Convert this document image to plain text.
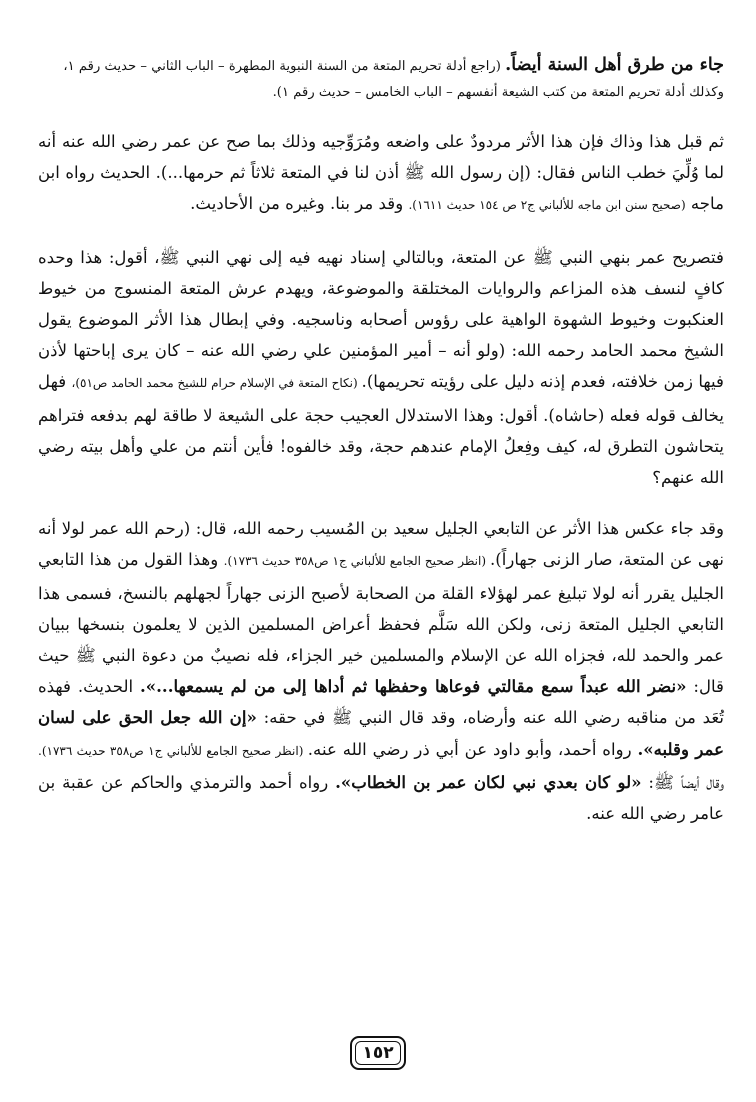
جاء من طرق أهل السنة أيضاً. (راجع أدلة تحريم المتعة من السنة النبوية المطهرة – الباب الثاني – حديث رقم ١،
وكذلك أدلة تحريم المتعة من كتب الشيعة أنفسهم – الباب الخامس – حديث رقم ١).

ثم قبل هذا وذاك فإن هذا الأثر مردودٌ على واضعه ومُرَوِّجيه وذلك بما صح عن عمر رضي الله عنه أنه لما وُلِّيَ خطب الناس فقال: (إن رسول الله ﷺ أذن لنا في المتعة ثلاثاً ثم حرمها...). الحديث رواه ابن ماجه (صحيح سنن ابن ماجه للألباني ج٢ ص ١٥٤ حديث ١٦١١). وقد مر بنا. وغيره من الأحاديث.

فتصريح عمر بنهي النبي ﷺ عن المتعة، وبالتالي إسناد نهيه فيه إلى نهي النبي ﷺ، أقول: هذا وحده كافٍ لنسف هذه المزاعم والروايات المختلقة والموضوعة، ويهدم عرش المتعة المنسوج من خيوط العنكبوت وخيوط الشهوة الواهية على رؤوس أصحابه وناسجيه. وفي إبطال هذا الأثر الموضوع يقول الشيخ محمد الحامد رحمه الله: (ولو أنه – أمير المؤمنين علي رضي الله عنه – كان يرى إباحتها لأذن فيها زمن خلافته، فعدم إذنه دليل على رؤيته تحريمها). (نكاح المتعة في الإسلام حرام للشيخ محمد الحامد ص٥١)، فهل يخالف قوله فعله (حاشاه). أقول: وهذا الاستدلال العجيب حجة على الشيعة لا طاقة لهم بدفعه فتراهم يتحاشون التطرق له، كيف وفِعلُ الإمام عندهم حجة، وقد خالفوه! فأين أنتم من علي وأهل بيته رضي الله عنهم؟

وقد جاء عكس هذا الأثر عن التابعي الجليل سعيد بن المُسيب رحمه الله، قال: (رحم الله عمر لولا أنه نهى عن المتعة، صار الزنى جهاراً). (انظر صحيح الجامع للألباني ج١ ص٣٥٨ حديث ١٧٣٦). وهذا القول من هذا التابعي الجليل يقرر أنه لولا تبليغ عمر لهؤلاء القلة من الصحابة لأصبح الزنى جهاراً لجهلهم بالنسخ، فسمى هذا التابعي الجليل المتعة زنى، ولكن الله سَلَّم فحفظ أعراض المسلمين الذين لا يعلمون بنسخها ببيان عمر والحمد لله، فجزاه الله عن الإسلام والمسلمين خير الجزاء، فله نصيبٌ من دعوة النبي ﷺ حيث قال: «نضر الله عبداً سمع مقالتي فوعاها وحفظها ثم أداها إلى من لم يسمعها...». الحديث. فهذه تُعَد من مناقبه رضي الله عنه وأرضاه، وقد قال النبي ﷺ في حقه: «إن الله جعل الحق على لسان عمر وقلبه». رواه أحمد، وأبو داود عن أبي ذر رضي الله عنه. (انظر صحيح الجامع للألباني ج١ ص٣٥٨ حديث ١٧٣٦). وقال أيضاً ﷺ: «لو كان بعدي نبي لكان عمر بن الخطاب». رواه أحمد والترمذي والحاكم عن عقبة بن عامر رضي الله عنه.

١٥٢
